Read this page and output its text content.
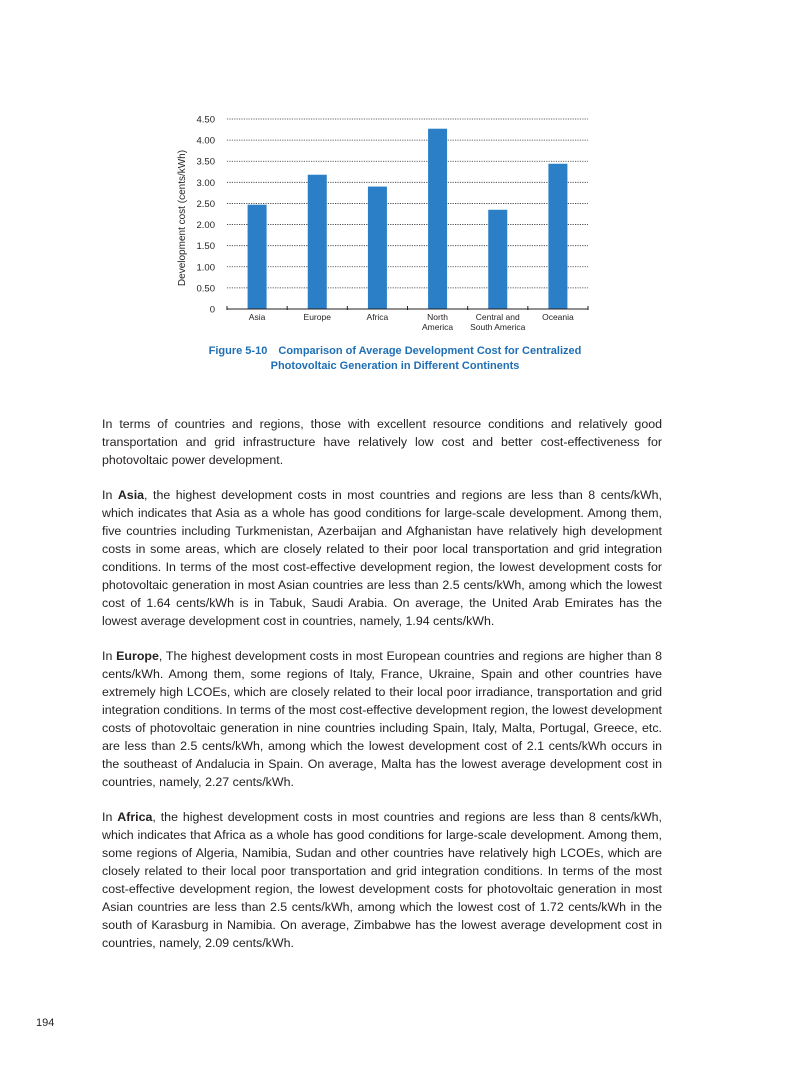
0
0.50
1.00
1.50
2.00
2.50
3.00
3.50
4.00
4.50
Asia	Europe	Africa	North
America
Central and
South America
Oceania
Development cost (cents/kWh)
Figure 5-10 Comparison of Average Development Cost for Centralized
Photovoltaic Generation in Different Continents

In terms of countries and regions, those with excellent resource conditions and relatively good transportation and grid infrastructure have relatively low cost and better cost-effectiveness for photovoltaic power development.

In Asia, the highest development costs in most countries and regions are less than 8 cents/kWh, which indicates that Asia as a whole has good conditions for large-scale development. Among them, five countries including Turkmenistan, Azerbaijan and Afghanistan have relatively high development costs in some areas, which are closely related to their poor local transportation and grid integration conditions. In terms of the most cost-effective development region, the lowest development costs for photovoltaic generation in most Asian countries are less than 2.5 cents/kWh, among which the lowest cost of 1.64 cents/kWh is in Tabuk, Saudi Arabia. On average, the United Arab Emirates has the lowest average development cost in countries, namely, 1.94 cents/kWh.

In Europe, The highest development costs in most European countries and regions are higher than 8 cents/kWh. Among them, some regions of Italy, France, Ukraine, Spain and other countries have extremely high LCOEs, which are closely related to their local poor irradiance, transportation and grid integration conditions. In terms of the most cost-effective development region, the lowest development costs of photovoltaic generation in nine countries including Spain, Italy, Malta, Portugal, Greece, etc. are less than 2.5 cents/kWh, among which the lowest development cost of 2.1 cents/kWh occurs in the southeast of Andalucia in Spain. On average, Malta has the lowest average development cost in countries, namely, 2.27 cents/kWh.

In Africa, the highest development costs in most countries and regions are less than 8 cents/kWh, which indicates that Africa as a whole has good conditions for large-scale development. Among them, some regions of Algeria, Namibia, Sudan and other countries have relatively high LCOEs, which are closely related to their local poor transportation and grid integration conditions. In terms of the most cost-effective development region, the lowest development costs for photovoltaic generation in most Asian countries are less than 2.5 cents/kWh, among which the lowest cost of 1.72 cents/kWh in the south of Karasburg in Namibia. On average, Zimbabwe has the lowest average development cost in countries, namely, 2.09 cents/kWh.

194
